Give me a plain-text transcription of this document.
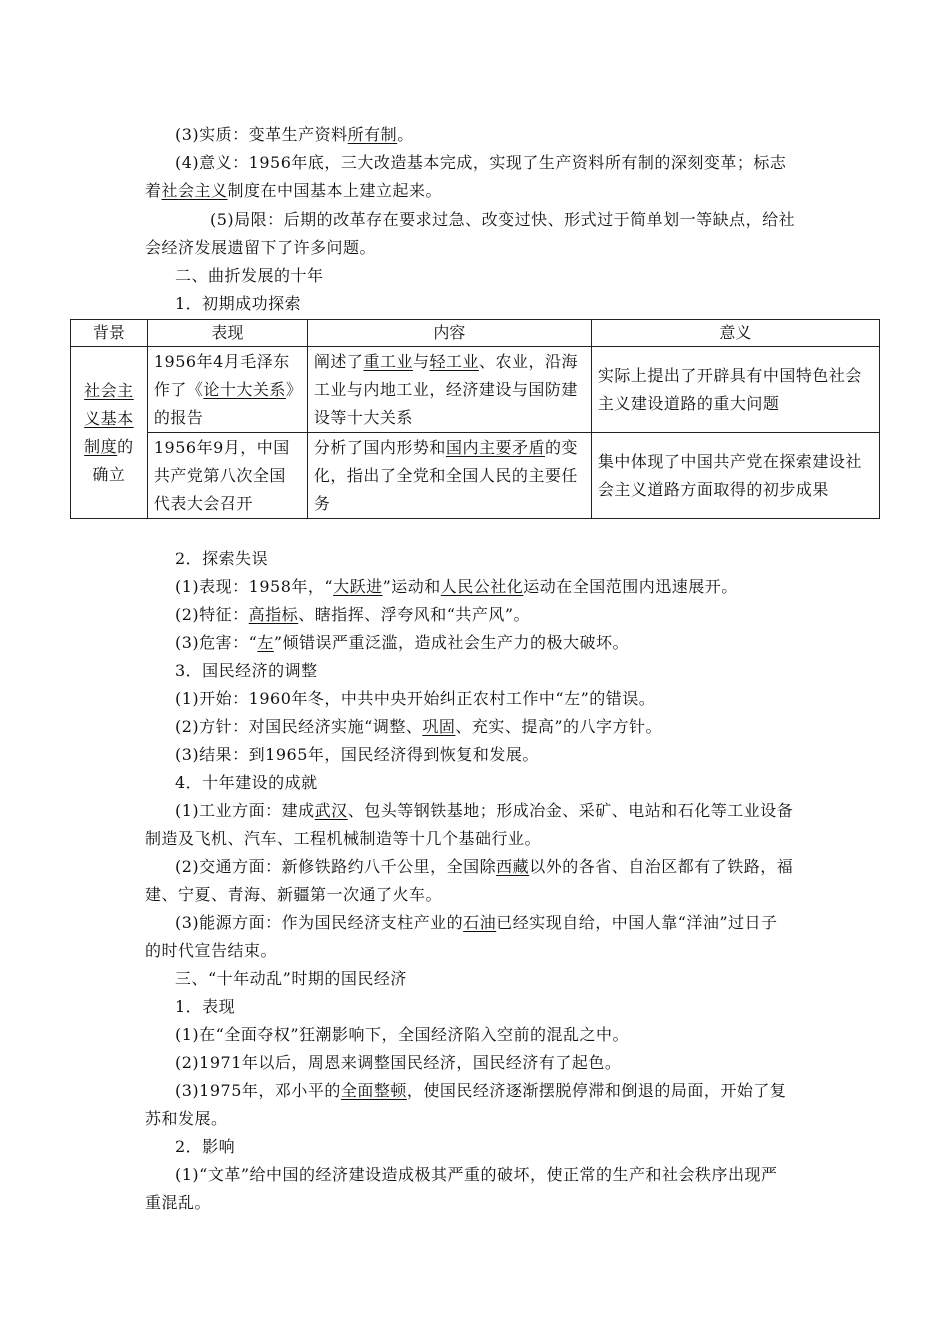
(3)实质：变革生产资料所有制。
(4)意义：1956年底，三大改造基本完成，实现了生产资料所有制的深刻变革；标志
着社会主义制度在中国基本上建立起来。
(5)局限：后期的改革存在要求过急、改变过快、形式过于简单划一等缺点，给社
会经济发展遗留下了许多问题。
二、曲折发展的十年
1．初期成功探索
2．探索失误
(1)表现：1958年，“大跃进”运动和人民公社化运动在全国范围内迅速展开。
(2)特征：高指标、瞎指挥、浮夸风和“共产风”。
(3)危害：“左”倾错误严重泛滥，造成社会生产力的极大破坏。
3．国民经济的调整
(1)开始：1960年冬，中共中央开始纠正农村工作中“左”的错误。
(2)方针：对国民经济实施“调整、巩固、充实、提高”的八字方针。
(3)结果：到1965年，国民经济得到恢复和发展。
4．十年建设的成就
(1)工业方面：建成武汉、包头等钢铁基地；形成冶金、采矿、电站和石化等工业设备
制造及飞机、汽车、工程机械制造等十几个基础行业。
(2)交通方面：新修铁路约八千公里，全国除西藏以外的各省、自治区都有了铁路，福
建、宁夏、青海、新疆第一次通了火车。
(3)能源方面：作为国民经济支柱产业的石油已经实现自给，中国人靠“洋油”过日子
的时代宣告结束。
三、“十年动乱”时期的国民经济
1．表现
(1)在“全面夺权”狂潮影响下，全国经济陷入空前的混乱之中。
(2)1971年以后，周恩来调整国民经济，国民经济有了起色。
(3)1975年，邓小平的全面整顿，使国民经济逐渐摆脱停滞和倒退的局面，开始了复
苏和发展。
2．影响
(1)“文革”给中国的经济建设造成极其严重的破坏，使正常的生产和社会秩序出现严
重混乱。
背景	表现	内容	意义

社会主义基本制度的确立	1956年4月毛泽东作了《论十大关系》的报告	阐述了重工业与轻工业、农业，沿海工业与内地工业，经济建设与国防建设等十大关系	实际上提出了开辟具有中国特色社会主义建设道路的重大问题

	1956年9月，中国共产党第八次全国代表大会召开	分析了国内形势和国内主要矛盾的变化，指出了全党和全国人民的主要任务	集中体现了中国共产党在探索建设社会主义道路方面取得的初步成果
